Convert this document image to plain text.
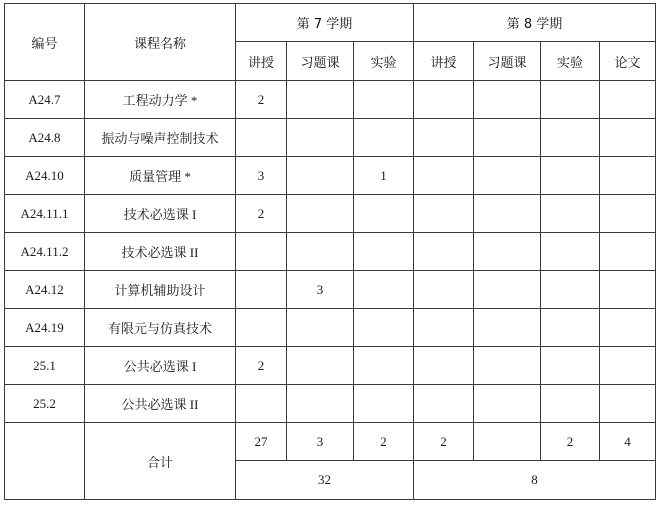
编号	课程名称	第 7 学期			第 8 学期			
		讲授	习题课	实验	讲授	习题课	实验	论文
A24.7	工程动力学 *	2						
A24.8	振动与噪声控制技术							
A24.10	质量管理 *	3		1				
A24.11.1	技术必选课 I	2						
A24.11.2	技术必选课 II							
A24.12	计算机辅助设计		3					
A24.19	有限元与仿真技术							
25.1	公共必选课 I	2						
25.2	公共必选课 II							
	合计	27	3	2	2		2	4
		32			8			
